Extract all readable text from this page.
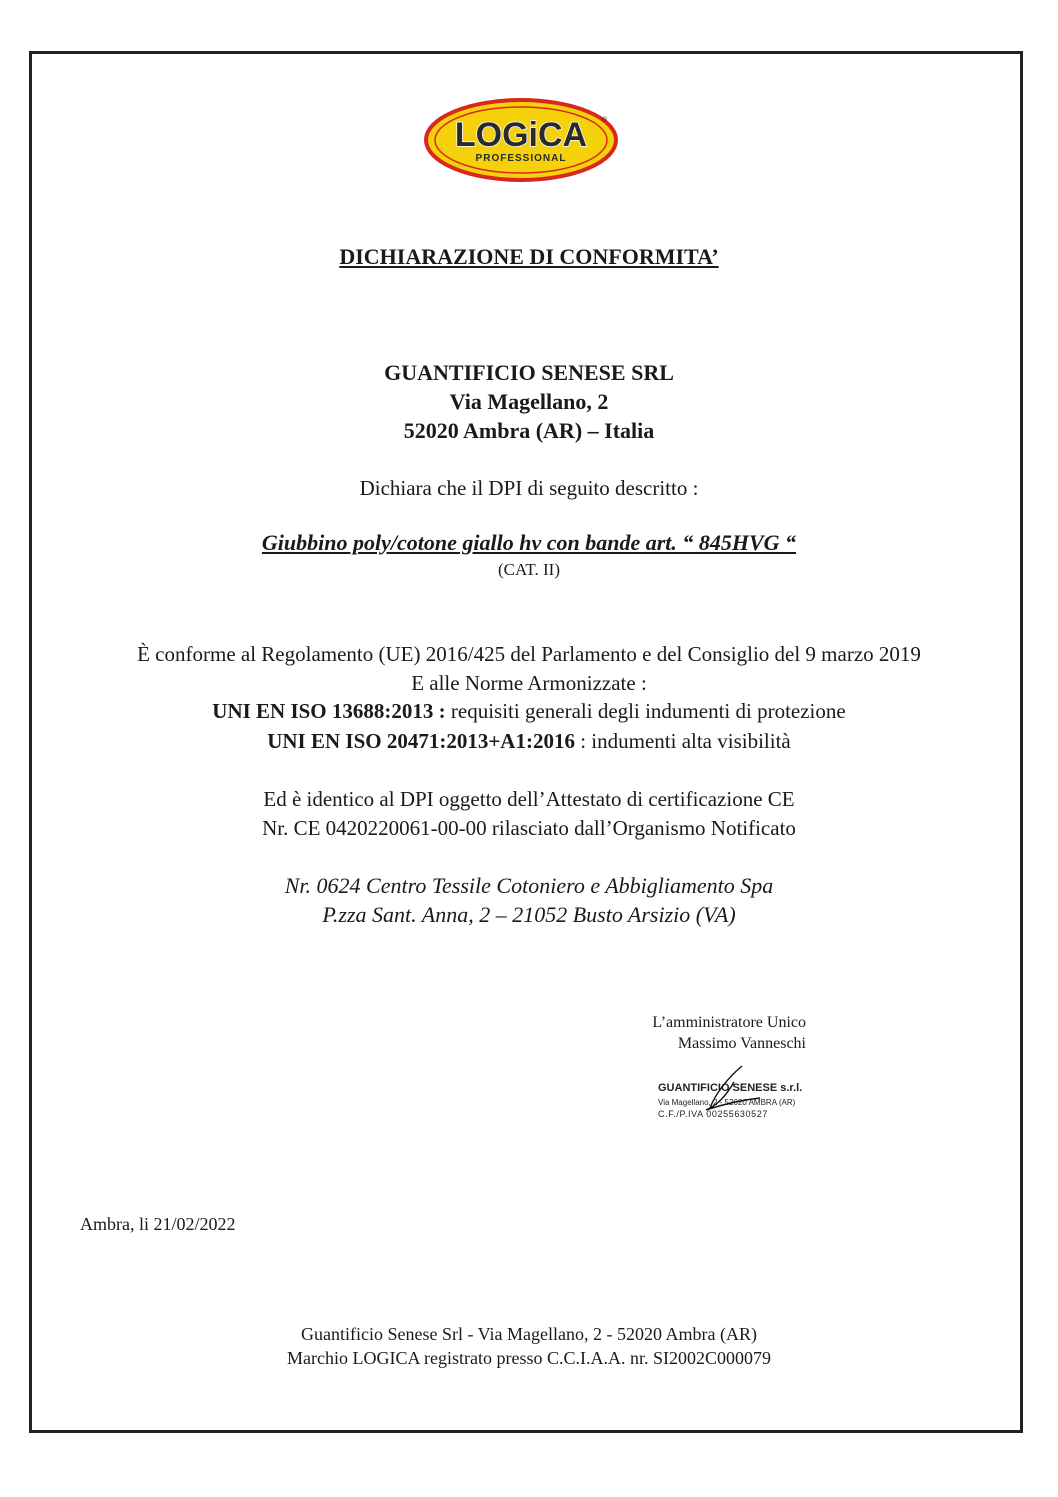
LOGiCA ®
PROFESSIONAL
DICHIARAZIONE DI CONFORMITA’
GUANTIFICIO SENESE SRL
Via Magellano, 2
52020 Ambra (AR) – Italia
Dichiara che il DPI di seguito descritto :
Giubbino poly/cotone giallo hv con bande art. “ 845HVG “
(CAT. II)
È conforme al Regolamento (UE) 2016/425 del Parlamento e del Consiglio del 9 marzo 2019
E alle Norme Armonizzate :
UNI EN ISO 13688:2013 : requisiti generali degli indumenti di protezione
UNI EN ISO 20471:2013+A1:2016 : indumenti alta visibilità
Ed è identico al DPI oggetto dell’Attestato di certificazione CE
Nr. CE 0420220061-00-00 rilasciato dall’Organismo Notificato
Nr. 0624 Centro Tessile Cotoniero e Abbigliamento Spa
P.zza Sant. Anna, 2 – 21052 Busto Arsizio (VA)
L’amministratore Unico
Massimo Vanneschi
GUANTIFICIO SENESE s.r.l.
Via Magellano, 2 - 52020 AMBRA (AR)
C.F./P.IVA 00255630527
Ambra, li 21/02/2022
Guantificio Senese Srl - Via Magellano, 2 - 52020 Ambra (AR)
Marchio LOGICA registrato presso C.C.I.A.A. nr. SI2002C000079
